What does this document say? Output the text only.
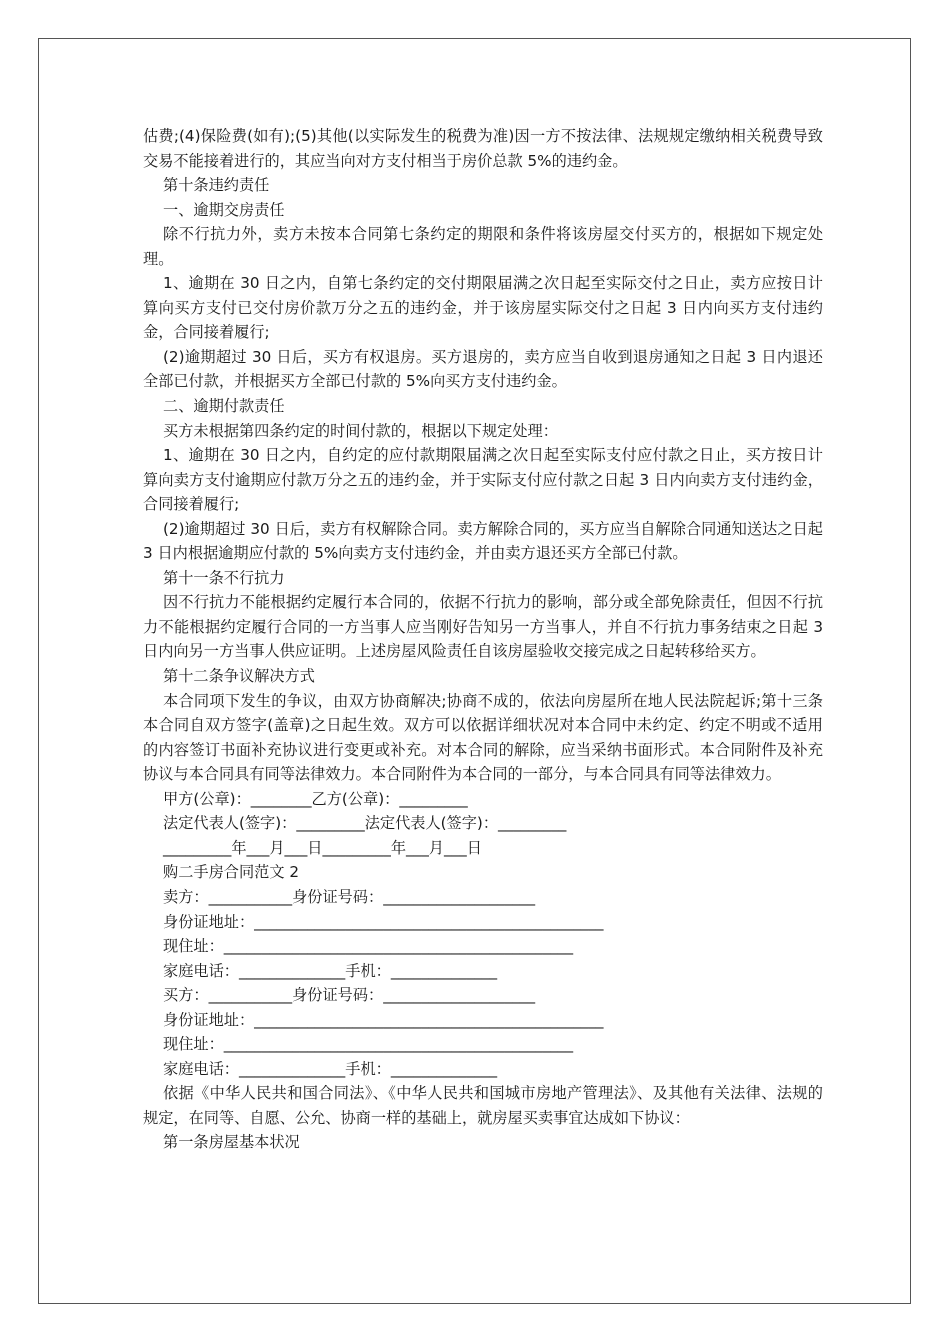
估费;(4)保险费(如有);(5)其他(以实际发生的税费为准)因一方不按法律、法规规定缴纳相关税费导致交易不能接着进行的，其应当向对方支付相当于房价总款 5%的违约金。

第十条违约责任

一、逾期交房责任

除不行抗力外，卖方未按本合同第七条约定的期限和条件将该房屋交付买方的，根据如下规定处理。

1、逾期在 30 日之内，自第七条约定的交付期限届满之次日起至实际交付之日止，卖方应按日计算向买方支付已交付房价款万分之五的违约金，并于该房屋实际交付之日起 3 日内向买方支付违约金，合同接着履行;

(2)逾期超过 30 日后，买方有权退房。买方退房的，卖方应当自收到退房通知之日起 3 日内退还全部已付款，并根据买方全部已付款的 5%向买方支付违约金。

二、逾期付款责任

买方未根据第四条约定的时间付款的，根据以下规定处理：

1、逾期在 30 日之内，自约定的应付款期限届满之次日起至实际支付应付款之日止，买方按日计算向卖方支付逾期应付款万分之五的违约金，并于实际支付应付款之日起 3 日内向卖方支付违约金，合同接着履行;

(2)逾期超过 30 日后，卖方有权解除合同。卖方解除合同的，买方应当自解除合同通知送达之日起 3 日内根据逾期应付款的 5%向卖方支付违约金，并由卖方退还买方全部已付款。

第十一条不行抗力

因不行抗力不能根据约定履行本合同的，依据不行抗力的影响，部分或全部免除责任，但因不行抗力不能根据约定履行合同的一方当事人应当刚好告知另一方当事人，并自不行抗力事务结束之日起 3 日内向另一方当事人供应证明。上述房屋风险责任自该房屋验收交接完成之日起转移给买方。

第十二条争议解决方式

本合同项下发生的争议，由双方协商解决;协商不成的，依法向房屋所在地人民法院起诉;第十三条本合同自双方签字(盖章)之日起生效。双方可以依据详细状况对本合同中未约定、约定不明或不适用的内容签订书面补充协议进行变更或补充。对本合同的解除，应当采纳书面形式。本合同附件及补充协议与本合同具有同等法律效力。本合同附件为本合同的一部分，与本合同具有同等法律效力。

甲方(公章)：________乙方(公章)：_________

法定代表人(签字)：_________法定代表人(签字)：_________

_________年___月___日_________年___月___日

购二手房合同范文 2

卖方：___________身份证号码：____________________

身份证地址：______________________________________________

现住址：______________________________________________

家庭电话：______________手机：______________

买方：___________身份证号码：____________________

身份证地址：______________________________________________

现住址：______________________________________________

家庭电话：______________手机：______________

依据《中华人民共和国合同法》、《中华人民共和国城市房地产管理法》、及其他有关法律、法规的规定，在同等、自愿、公允、协商一样的基础上，就房屋买卖事宜达成如下协议：

第一条房屋基本状况
